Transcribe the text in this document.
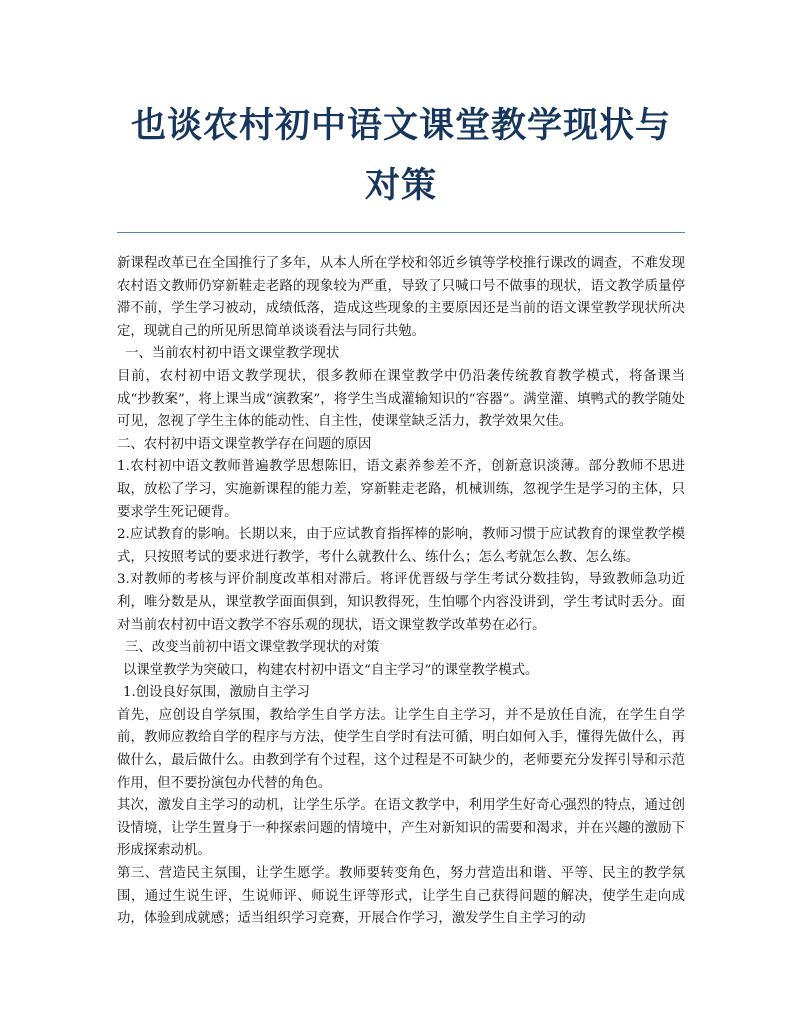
也谈农村初中语文课堂教学现状与对策

新课程改革已在全国推行了多年，从本人所在学校和邻近乡镇等学校推行课改的调查，不难发现农村语文教师仍穿新鞋走老路的现象较为严重，导致了只喊口号不做事的现状，语文教学质量停滞不前，学生学习被动，成绩低落，造成这些现象的主要原因还是当前的语文课堂教学现状所决定，现就自己的所见所思简单谈谈看法与同行共勉。

一、当前农村初中语文课堂教学现状

目前，农村初中语文教学现状，很多教师在课堂教学中仍沿袭传统教育教学模式，将备课当成“抄教案”，将上课当成“演教案”，将学生当成灌输知识的“容器”。满堂灌、填鸭式的教学随处可见，忽视了学生主体的能动性、自主性，使课堂缺乏活力，教学效果欠佳。

二、农村初中语文课堂教学存在问题的原因

1.农村初中语文教师普遍教学思想陈旧，语文素养参差不齐，创新意识淡薄。部分教师不思进取，放松了学习，实施新课程的能力差，穿新鞋走老路，机械训练，忽视学生是学习的主体，只要求学生死记硬背。

2.应试教育的影响。长期以来，由于应试教育指挥棒的影响，教师习惯于应试教育的课堂教学模式，只按照考试的要求进行教学，考什么就教什么、练什么；怎么考就怎么教、怎么练。

3.对教师的考核与评价制度改革相对滞后。将评优晋级与学生考试分数挂钩，导致教师急功近利，唯分数是从，课堂教学面面俱到，知识教得死，生怕哪个内容没讲到，学生考试时丢分。面对当前农村初中语文教学不容乐观的现状，语文课堂教学改革势在必行。

三、改变当前初中语文课堂教学现状的对策

以课堂教学为突破口，构建农村初中语文“自主学习”的课堂教学模式。

1.创设良好氛围，激励自主学习

首先，应创设自学氛围，教给学生自学方法。让学生自主学习，并不是放任自流，在学生自学前，教师应教给自学的程序与方法，使学生自学时有法可循，明白如何入手，懂得先做什么，再做什么，最后做什么。由教到学有个过程，这个过程是不可缺少的，老师要充分发挥引导和示范作用，但不要扮演包办代替的角色。

其次，激发自主学习的动机，让学生乐学。在语文教学中，利用学生好奇心强烈的特点，通过创设情境，让学生置身于一种探索问题的情境中，产生对新知识的需要和渴求，并在兴趣的激励下形成探索动机。

第三、营造民主氛围，让学生愿学。教师要转变角色，努力营造出和谐、平等、民主的教学氛围，通过生说生评，生说师评、师说生评等形式，让学生自己获得问题的解决，使学生走向成功，体验到成就感；适当组织学习竞赛，开展合作学习，激发学生自主学习的动
